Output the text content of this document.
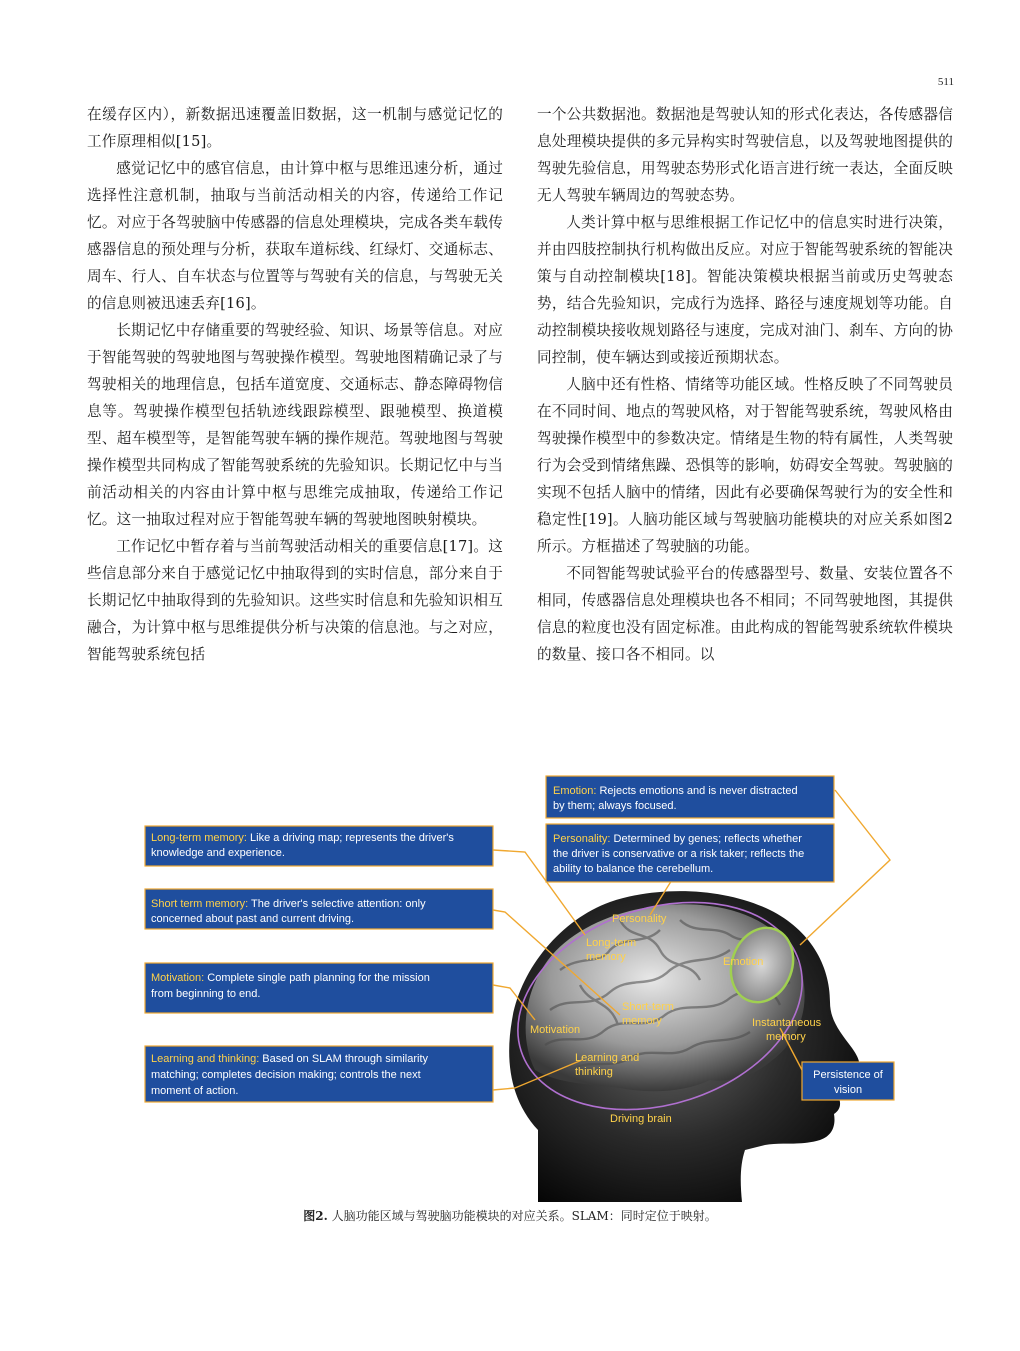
511

在缓存区内），新数据迅速覆盖旧数据，这一机制与感觉记忆的工作原理相似[15]。

感觉记忆中的感官信息，由计算中枢与思维迅速分析，通过选择性注意机制，抽取与当前活动相关的内容，传递给工作记忆。对应于各驾驶脑中传感器的信息处理模块，完成各类车载传感器信息的预处理与分析，获取车道标线、红绿灯、交通标志、周车、行人、自车状态与位置等与驾驶有关的信息，与驾驶无关的信息则被迅速丢弃[16]。

长期记忆中存储重要的驾驶经验、知识、场景等信息。对应于智能驾驶的驾驶地图与驾驶操作模型。驾驶地图精确记录了与驾驶相关的地理信息，包括车道宽度、交通标志、静态障碍物信息等。驾驶操作模型包括轨迹线跟踪模型、跟驰模型、换道模型、超车模型等，是智能驾驶车辆的操作规范。驾驶地图与驾驶操作模型共同构成了智能驾驶系统的先验知识。长期记忆中与当前活动相关的内容由计算中枢与思维完成抽取，传递给工作记忆。这一抽取过程对应于智能驾驶车辆的驾驶地图映射模块。

工作记忆中暂存着与当前驾驶活动相关的重要信息[17]。这些信息部分来自于感觉记忆中抽取得到的实时信息，部分来自于长期记忆中抽取得到的先验知识。这些实时信息和先验知识相互融合，为计算中枢与思维提供分析与决策的信息池。与之对应，智能驾驶系统包括

一个公共数据池。数据池是驾驶认知的形式化表达，各传感器信息处理模块提供的多元异构实时驾驶信息，以及驾驶地图提供的驾驶先验信息，用驾驶态势形式化语言进行统一表达，全面反映无人驾驶车辆周边的驾驶态势。

人类计算中枢与思维根据工作记忆中的信息实时进行决策，并由四肢控制执行机构做出反应。对应于智能驾驶系统的智能决策与自动控制模块[18]。智能决策模块根据当前或历史驾驶态势，结合先验知识，完成行为选择、路径与速度规划等功能。自动控制模块接收规划路径与速度，完成对油门、刹车、方向的协同控制，使车辆达到或接近预期状态。

人脑中还有性格、情绪等功能区域。性格反映了不同驾驶员在不同时间、地点的驾驶风格，对于智能驾驶系统，驾驶风格由驾驶操作模型中的参数决定。情绪是生物的特有属性，人类驾驶行为会受到情绪焦躁、恐惧等的影响，妨碍安全驾驶。驾驶脑的实现不包括人脑中的情绪，因此有必要确保驾驶行为的安全性和稳定性[19]。人脑功能区域与驾驶脑功能模块的对应关系如图2所示。方框描述了驾驶脑的功能。

不同智能驾驶试验平台的传感器型号、数量、安装位置各不相同，传感器信息处理模块也各不相同；不同驾驶地图，其提供信息的粒度也没有固定标准。由此构成的智能驾驶系统软件模块的数量、接口各不相同。以

Personality
Long-term
memory	Emotion
Short-term
memory
Motivation
Instantaneous
memory
Learning and
thinking
Driving brain
Emotion: Rejects emotions and is never distracted
by them; always focused.
Personality: Determined by genes; reflects whether
the driver is conservative or a risk taker; reflects the
ability to balance the cerebellum.
Long-term memory: Like a driving map; represents the driver's
knowledge and experience.
Short term memory: The driver's selective attention: only
concerned about past and current driving.
Motivation: Complete single path planning for the mission
from beginning to end.
Learning and thinking: Based on SLAM through similarity
matching; completes decision making; controls the next
moment of action.
Persistence of
vision
图2. 人脑功能区域与驾驶脑功能模块的对应关系。SLAM：同时定位于映射。
